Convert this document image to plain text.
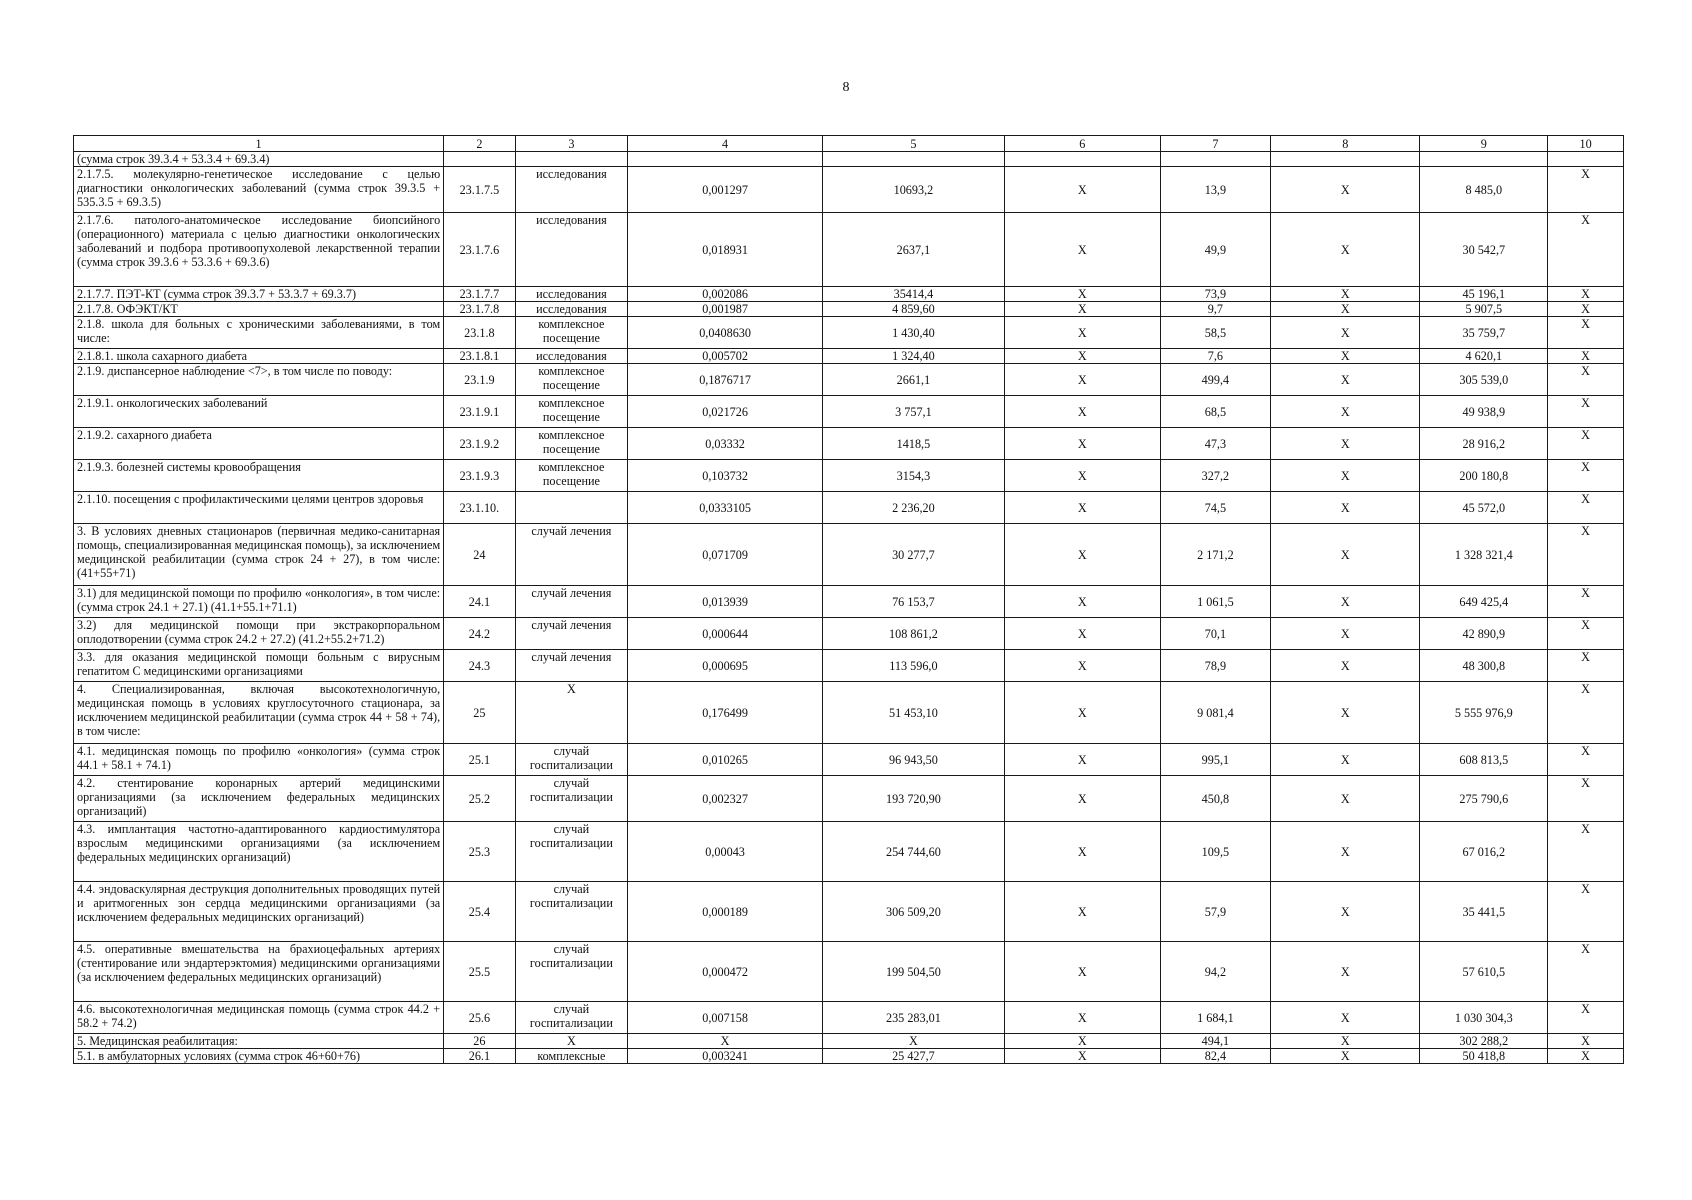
8
1	2	3	4	5	6	7	8	9	10
(сумма строк 39.3.4 + 53.3.4 + 69.3.4)									
2.1.7.5. молекулярно-генетическое исследование с целью диагностики онкологических заболеваний (сумма строк 39.3.5 + 535.3.5 + 69.3.5)	23.1.7.5	исследования	0,001297	10693,2	X	13,9	X	8 485,0	X
2.1.7.6. патолого-анатомическое исследование биопсийного (операционного) материала с целью диагностики онкологических заболеваний и подбора противоопухолевой лекарственной терапии (сумма строк 39.3.6 + 53.3.6 + 69.3.6)	23.1.7.6	исследования	0,018931	2637,1	X	49,9	X	30 542,7	X
2.1.7.7. ПЭТ-КТ (сумма строк 39.3.7 + 53.3.7 + 69.3.7)	23.1.7.7	исследования	0,002086	35414,4	X	73,9	X	45 196,1	X
2.1.7.8. ОФЭКТ/КТ	23.1.7.8	исследования	0,001987	4 859,60	X	9,7	X	5 907,5	X
2.1.8. школа для больных с хроническими заболеваниями, в том числе:	23.1.8	комплексное посещение	0,0408630	1 430,40	X	58,5	X	35 759,7	X
2.1.8.1. школа сахарного диабета	23.1.8.1	исследования	0,005702	1 324,40	X	7,6	X	4 620,1	X
2.1.9. диспансерное наблюдение <7>, в том числе по поводу:	23.1.9	комплексное посещение	0,1876717	2661,1	X	499,4	X	305 539,0	X
2.1.9.1. онкологических заболеваний	23.1.9.1	комплексное посещение	0,021726	3 757,1	X	68,5	X	49 938,9	X
2.1.9.2. сахарного диабета	23.1.9.2	комплексное посещение	0,03332	1418,5	X	47,3	X	28 916,2	X
2.1.9.3. болезней системы кровообращения	23.1.9.3	комплексное посещение	0,103732	3154,3	X	327,2	X	200 180,8	X
2.1.10. посещения с профилактическими целями центров здоровья	23.1.10.		0,0333105	2 236,20	X	74,5	X	45 572,0	X
3. В условиях дневных стационаров (первичная медико-санитарная помощь, специализированная медицинская помощь), за исключением медицинской реабилитации (сумма строк 24 + 27), в том числе: (41+55+71)	24	случай лечения	0,071709	30 277,7	X	2 171,2	X	1 328 321,4	X
3.1) для медицинской помощи по профилю «онкология», в том числе: (сумма строк 24.1 + 27.1) (41.1+55.1+71.1)	24.1	случай лечения	0,013939	76 153,7	X	1 061,5	X	649 425,4	X
3.2) для медицинской помощи при экстракорпоральном оплодотворении (сумма строк 24.2 + 27.2) (41.2+55.2+71.2)	24.2	случай лечения	0,000644	108 861,2	X	70,1	X	42 890,9	X
3.3. для оказания медицинской помощи больным с вирусным гепатитом С медицинскими организациями	24.3	случай лечения	0,000695	113 596,0	X	78,9	X	48 300,8	X
4. Специализированная, включая высокотехнологичную, медицинская помощь в условиях круглосуточного стационара, за исключением медицинской реабилитации (сумма строк 44 + 58 + 74), в том числе:	25	X	0,176499	51 453,10	X	9 081,4	X	5 555 976,9	X
4.1. медицинская помощь по профилю «онкология» (сумма строк 44.1 + 58.1 + 74.1)	25.1	случай госпитализации	0,010265	96 943,50	X	995,1	X	608 813,5	X
4.2. стентирование коронарных артерий медицинскими организациями (за исключением федеральных медицинских организаций)	25.2	случай госпитализации	0,002327	193 720,90	X	450,8	X	275 790,6	X
4.3. имплантация частотно-адаптированного кардиостимулятора взрослым медицинскими организациями (за исключением федеральных медицинских организаций)	25.3	случай госпитализации	0,00043	254 744,60	X	109,5	X	67 016,2	X
4.4. эндоваскулярная деструкция дополнительных проводящих путей и аритмогенных зон сердца медицинскими организациями (за исключением федеральных медицинских организаций)	25.4	случай госпитализации	0,000189	306 509,20	X	57,9	X	35 441,5	X
4.5. оперативные вмешательства на брахиоцефальных артериях (стентирование или эндартерэктомия) медицинскими организациями (за исключением федеральных медицинских организаций)	25.5	случай госпитализации	0,000472	199 504,50	X	94,2	X	57 610,5	X
4.6. высокотехнологичная медицинская помощь (сумма строк 44.2 + 58.2 + 74.2)	25.6	случай госпитализации	0,007158	235 283,01	X	1 684,1	X	1 030 304,3	X
5. Медицинская реабилитация:	26	X	X	X	X	494,1	X	302 288,2	X
5.1. в амбулаторных условиях (сумма строк 46+60+76)	26.1	комплексные	0,003241	25 427,7	X	82,4	X	50 418,8	X
